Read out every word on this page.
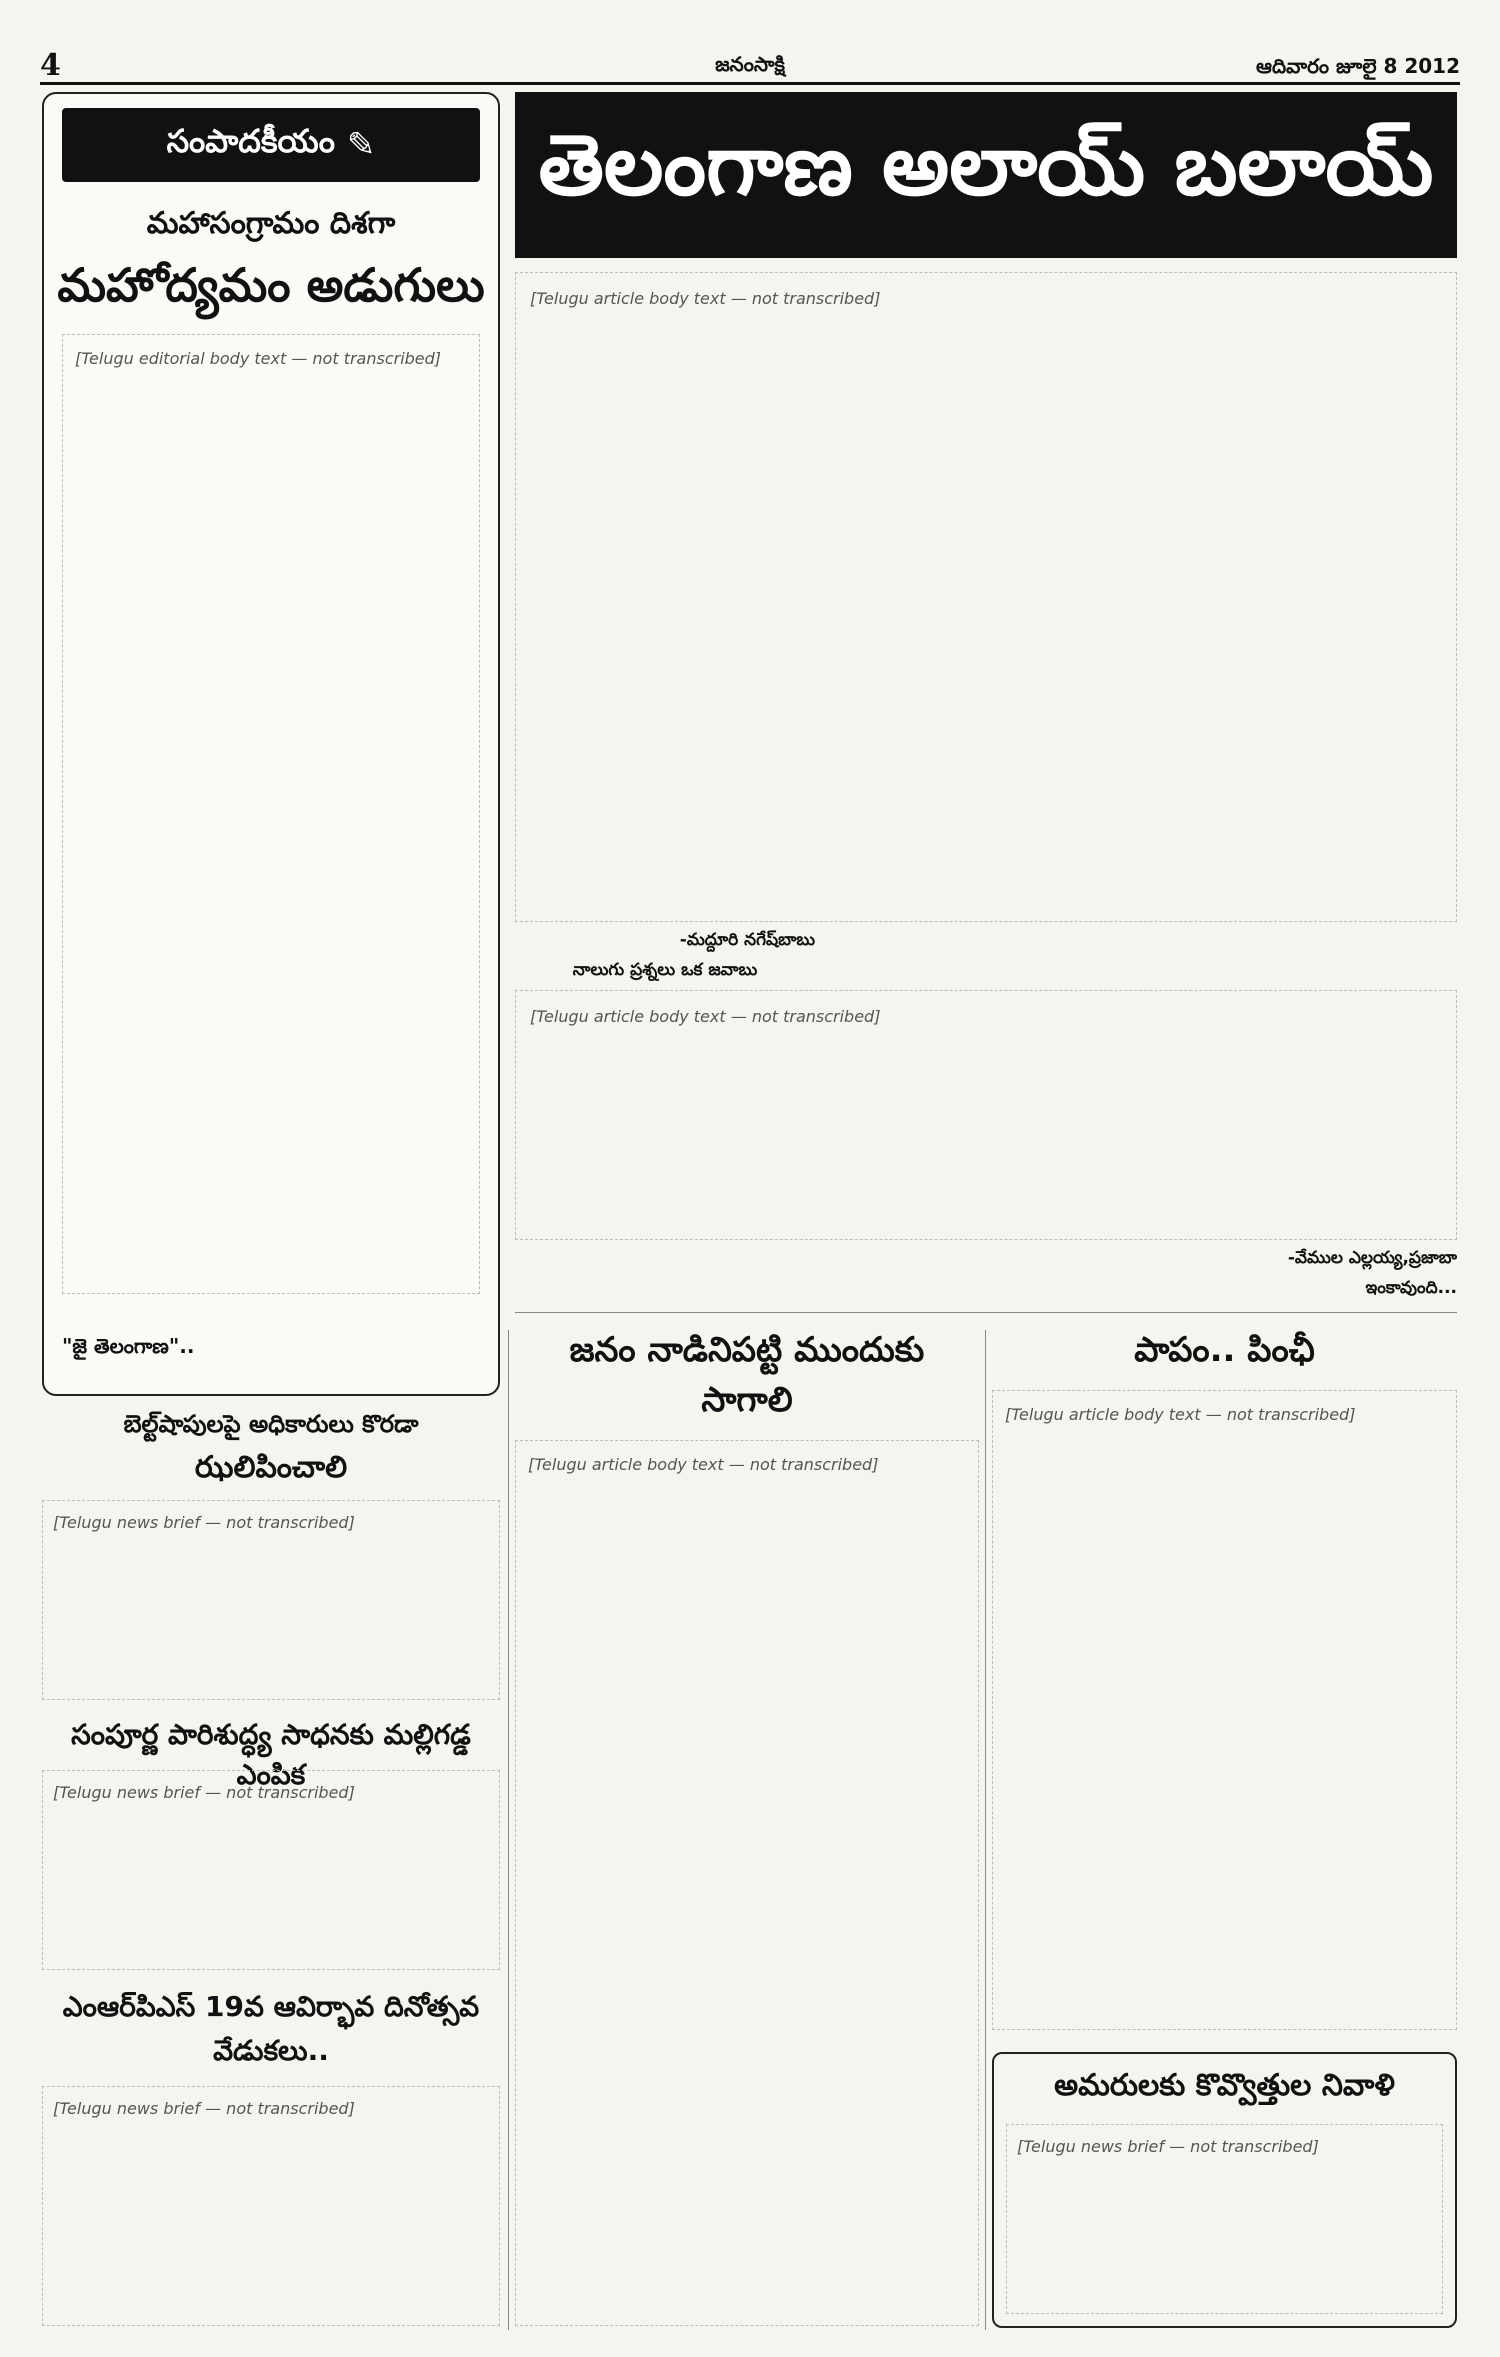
4	జనంసాక్షి	ఆదివారం జూలై 8 2012
సంపాదకీయం ✎
మహాసంగ్రామం దిశగా
మహోద్యమం అడుగులు
[Telugu editorial body text — not transcribed]
"జై తెలంగాణ"..
తెలంగాణ అలాయ్ బలాయ్
[Telugu article body text — not transcribed]
-మద్దూరి నగేష్‌బాబు
నాలుగు ప్రశ్నలు ఒక జవాబు
[Telugu article body text — not transcribed]
-వేముల ఎల్లయ్య,ప్రజాబా
ఇంకావుంది...
బెల్ట్‌షాపులపై అధికారులు కొరడా
ఝలిపించాలి
[Telugu news brief — not transcribed]
సంపూర్ణ పారిశుద్ధ్య సాధనకు మల్లిగడ్డ ఎంపిక
[Telugu news brief — not transcribed]
ఎంఆర్‌పిఎస్ 19వ ఆవిర్భావ దినోత్సవ
వేడుకలు..
[Telugu news brief — not transcribed]
జనం నాడినిపట్టి ముందుకు
సాగాలి
[Telugu article body text — not transcribed]
పాపం.. పింఛీ
[Telugu article body text — not transcribed]
అమరులకు కొవ్వొత్తుల నివాళి
[Telugu news brief — not transcribed]
